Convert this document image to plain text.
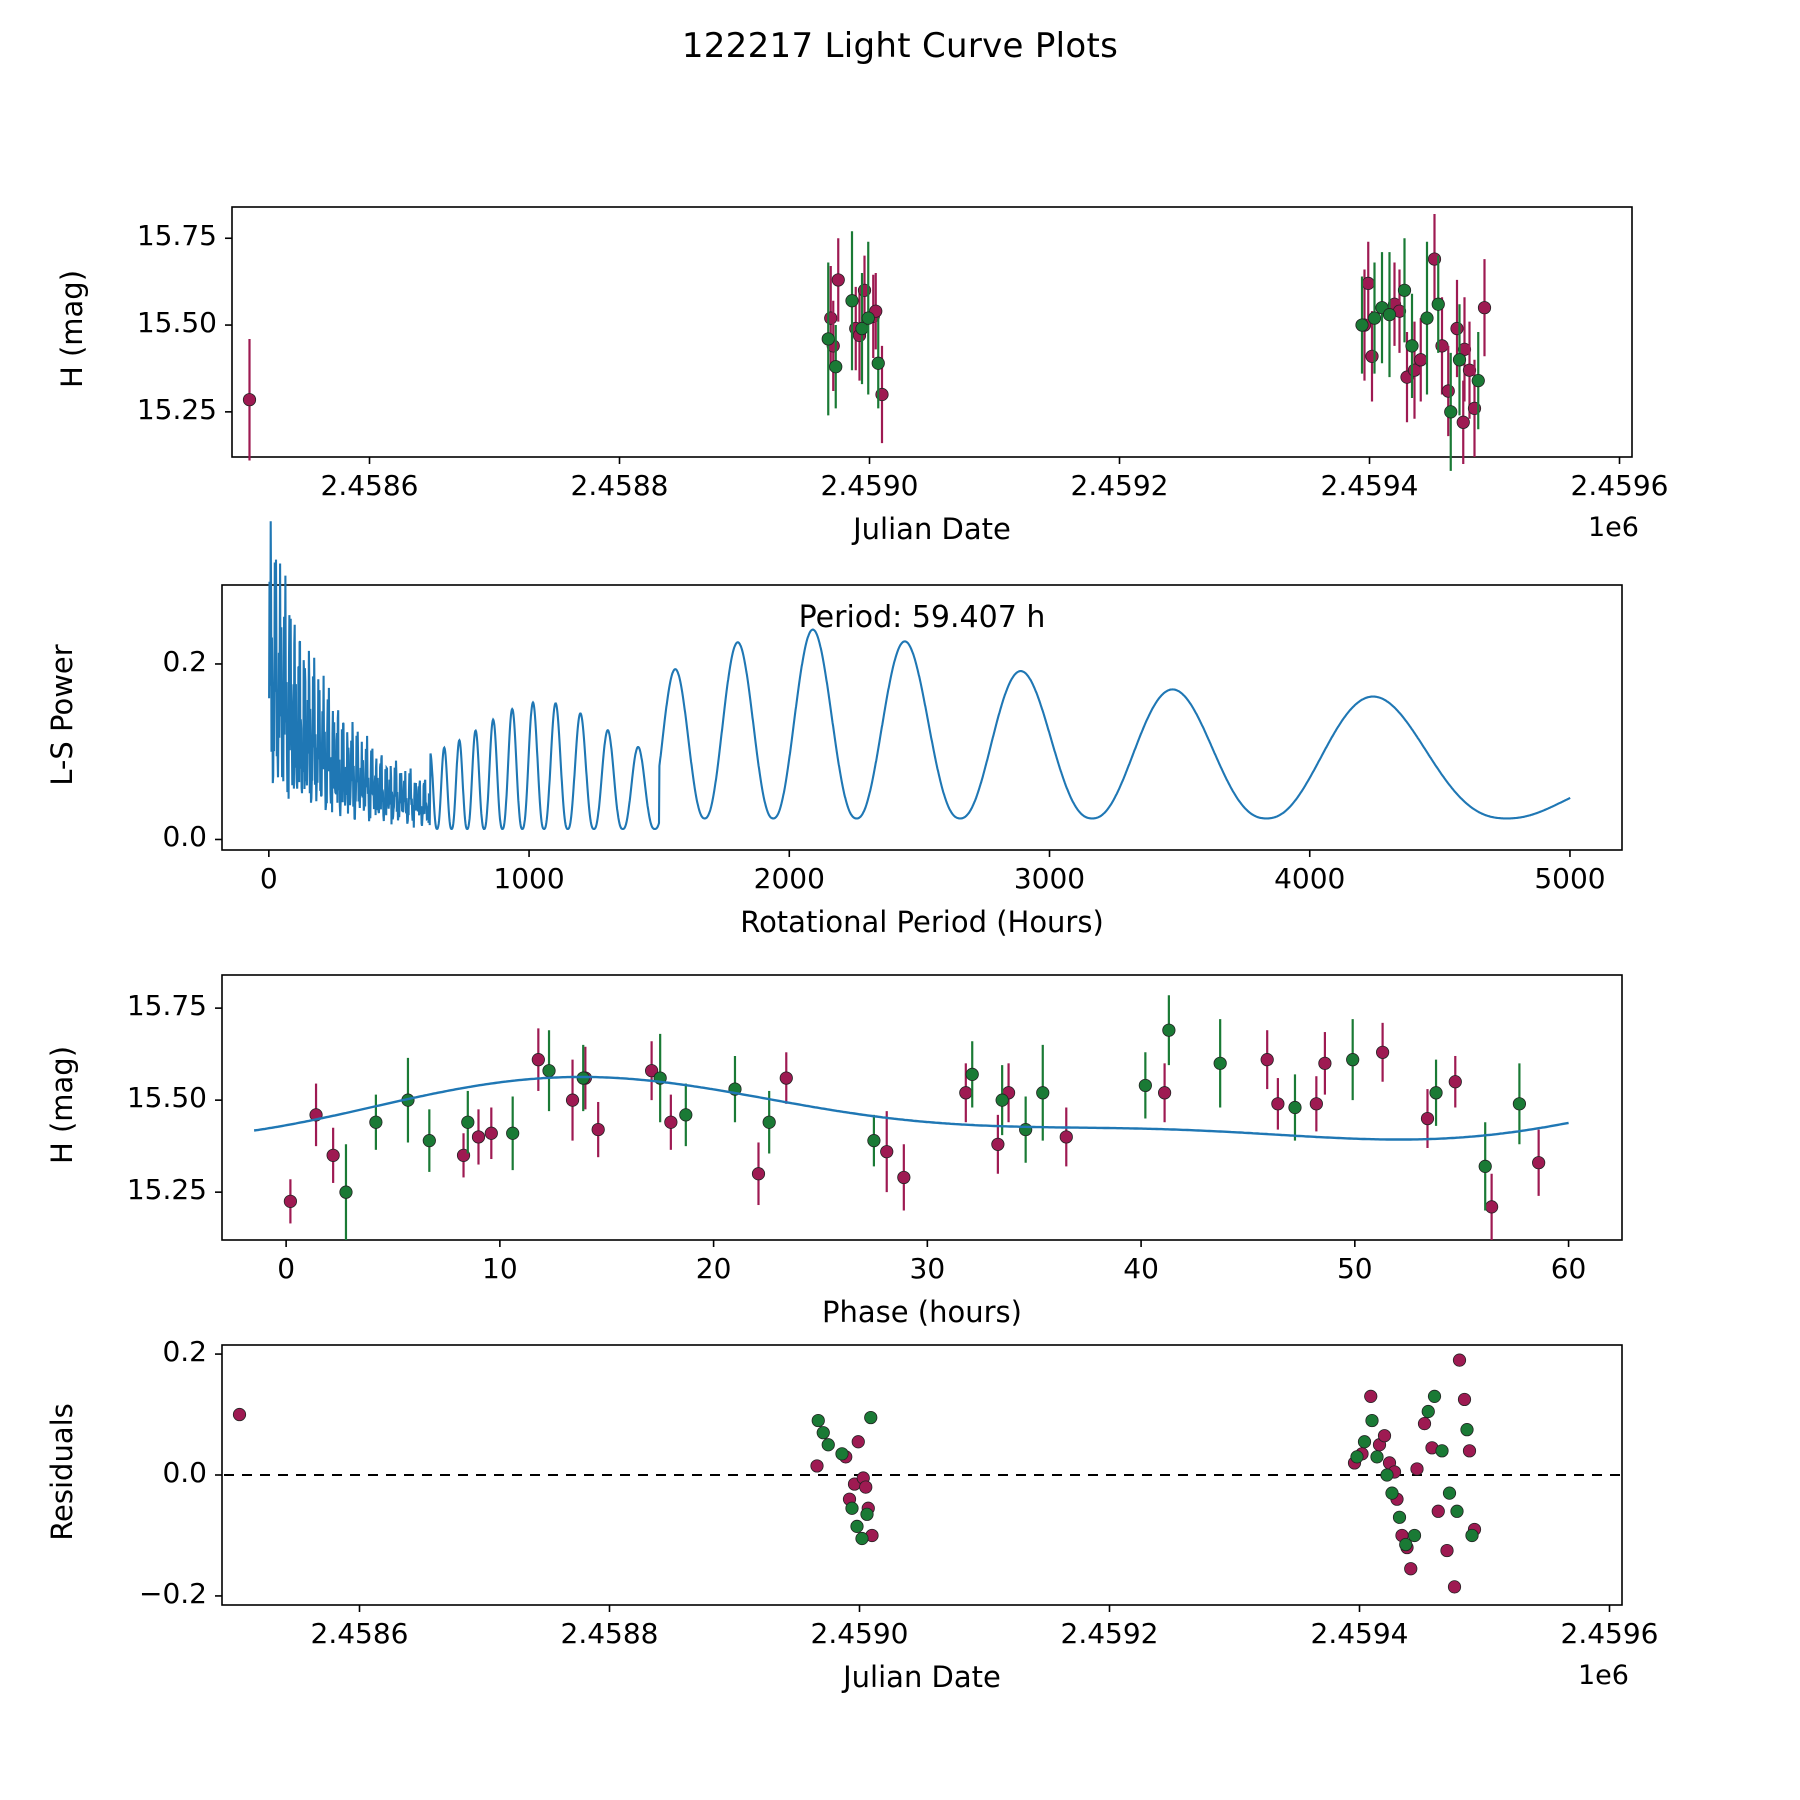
122217 Light Curve Plots
2.4586	2.4588	2.4590	2.4592	2.4594	2.4596
15.25
15.50
15.75
Julian Date
H (mag)
1e6
0	1000	2000	3000	4000	5000
0.0
0.2
Rotational Period (Hours)
L-S Power
Period: 59.407 h
0	10	20	30	40	50	60
15.25
15.50
15.75
Phase (hours)
H (mag)
2.4586	2.4588	2.4590	2.4592	2.4594	2.4596
−0.2
0.0
0.2
Julian Date
Residuals
1e6
